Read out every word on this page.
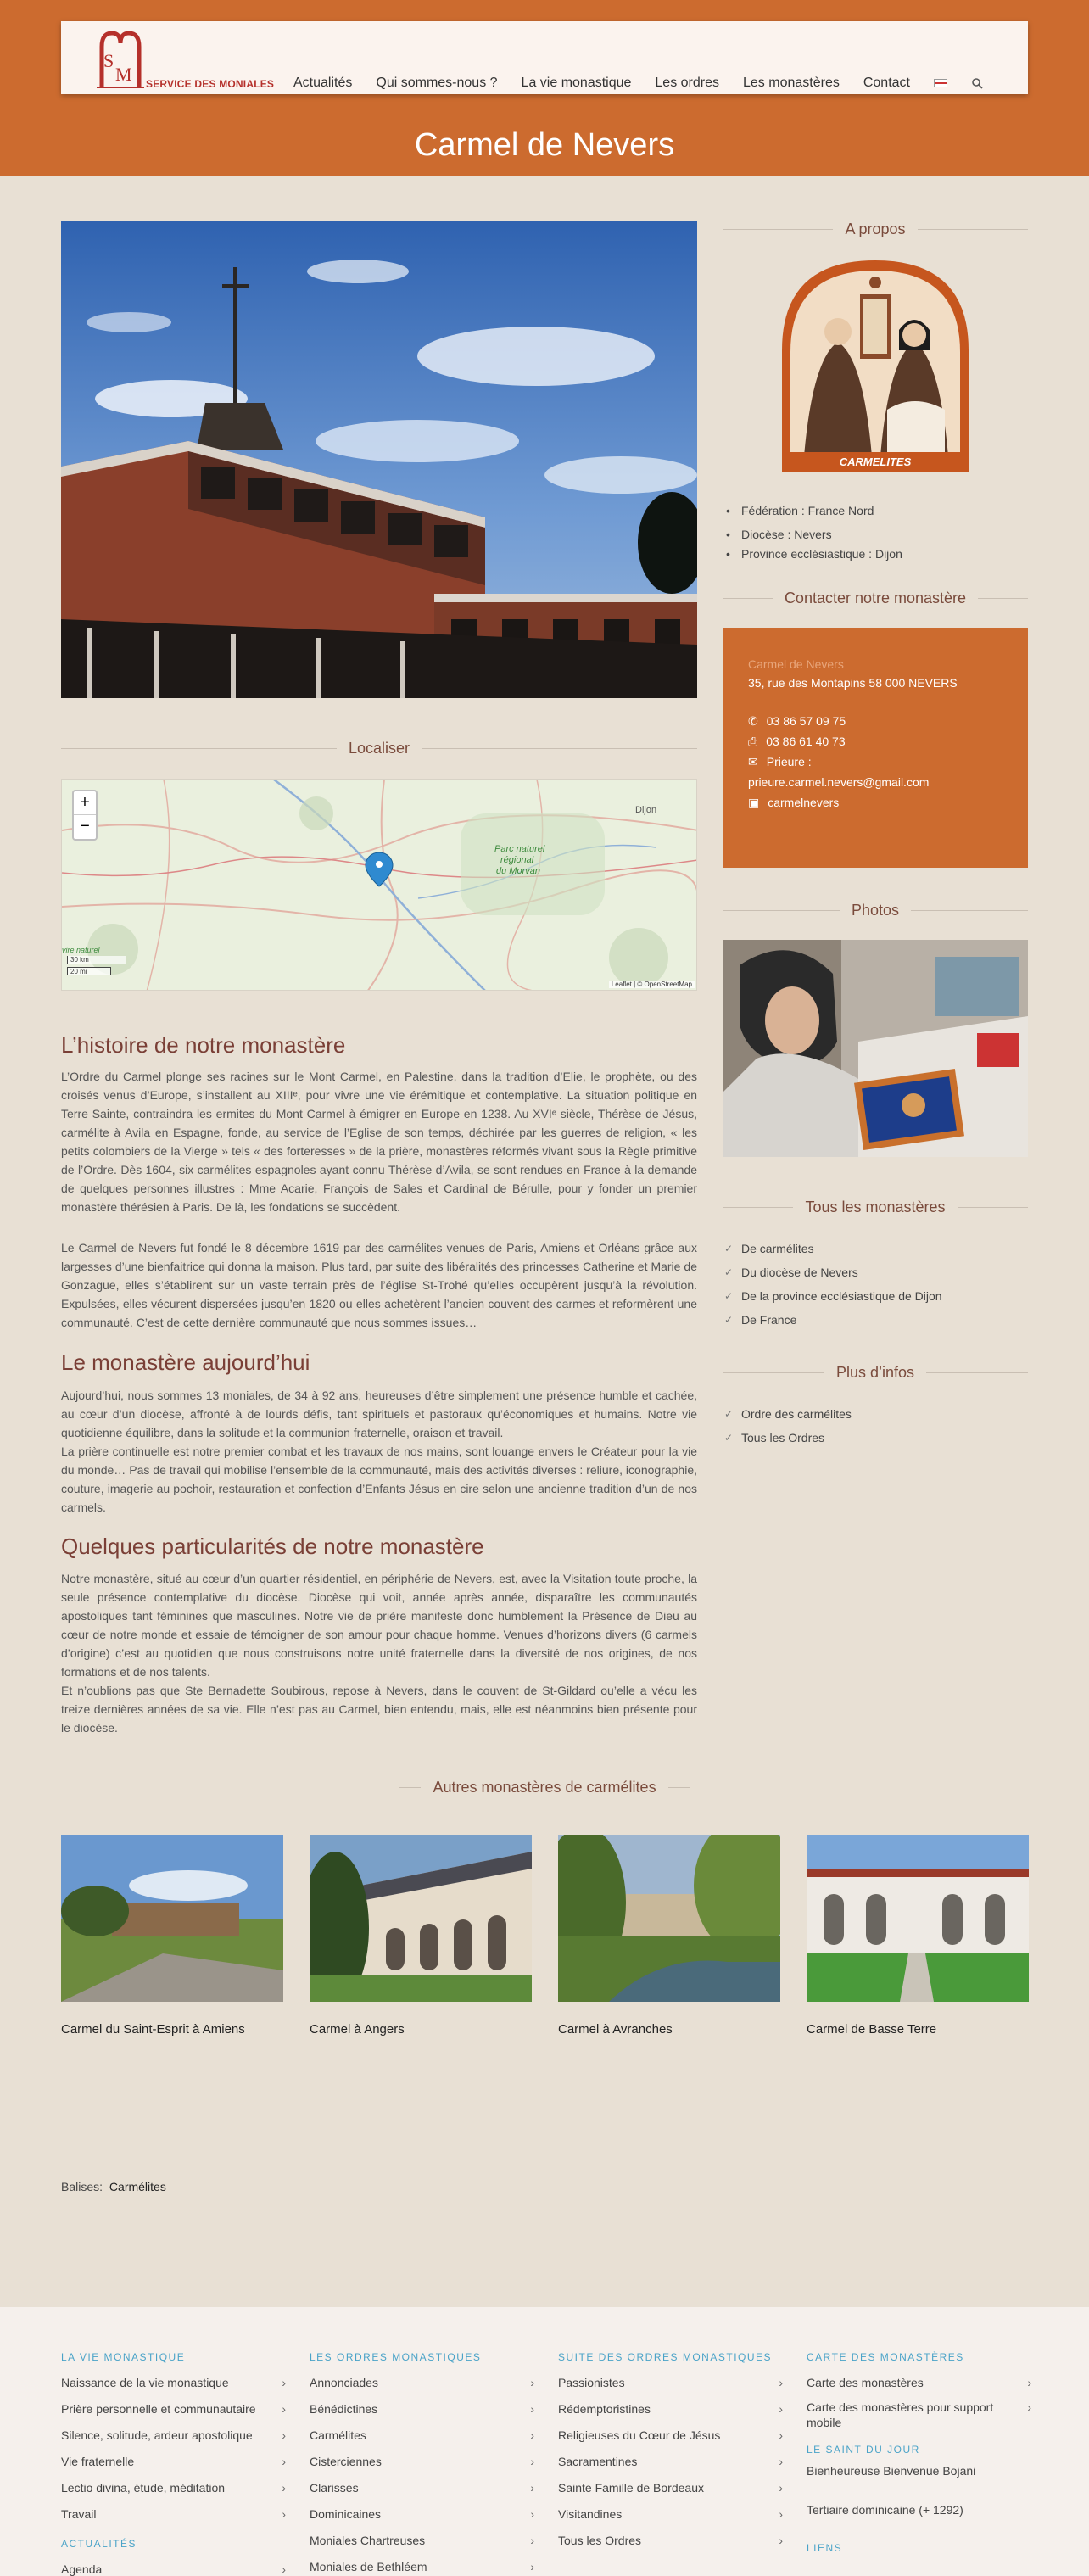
S
M SERVICE DES MONIALES Actualités Qui sommes-nous ? La vie monastique Les ordres Les monastères Contact
Carmel de Nevers
Localiser
Parc naturel
régional
du Morvan
Dijon
+
−
vire naturel
30 km
20 mi
Leaflet | © OpenStreetMap
L’histoire de notre monastère

L’Ordre du Carmel plonge ses racines sur le Mont Carmel, en Palestine, dans la tradition d’Elie, le prophète, ou des croisés venus d’Europe, s’installent au XIIIᵉ, pour vivre une vie érémitique et contemplative. La situation politique en Terre Sainte, contraindra les ermites du Mont Carmel à émigrer en Europe en 1238. Au XVIᵉ siècle, Thérèse de Jésus, carmélite à Avila en Espagne, fonde, au service de l’Eglise de son temps, déchirée par les guerres de religion, « les petits colombiers de la Vierge » tels « des forteresses » de la prière, monastères réformés vivant sous la Règle primitive de l’Ordre. Dès 1604, six carmélites espagnoles ayant connu Thérèse d’Avila, se sont rendues en France à la demande de quelques personnes illustres : Mme Acarie, François de Sales et Cardinal de Bérulle, pour y fonder un premier monastère thérésien à Paris. De là, les fondations se succèdent.

Le Carmel de Nevers fut fondé le 8 décembre 1619 par des carmélites venues de Paris, Amiens et Orléans grâce aux largesses d’une bienfaitrice qui donna la maison. Plus tard, par suite des libéralités des princesses Catherine et Marie de Gonzague, elles s’établirent sur un vaste terrain près de l’église St-Trohé qu’elles occupèrent jusqu’à la révolution. Expulsées, elles vécurent dispersées jusqu’en 1820 ou elles achetèrent l’ancien couvent des carmes et reformèrent une communauté. C’est de cette dernière communauté que nous sommes issues…

Le monastère aujourd’hui

Aujourd’hui, nous sommes 13 moniales, de 34 à 92 ans, heureuses d’être simplement une présence humble et cachée, au cœur d’un diocèse, affronté à de lourds défis, tant spirituels et pastoraux qu’économiques et humains. Notre vie quotidienne équilibre, dans la solitude et la communion fraternelle, oraison et travail.

La prière continuelle est notre premier combat et les travaux de nos mains, sont louange envers le Créateur pour la vie du monde… Pas de travail qui mobilise l’ensemble de la communauté, mais des activités diverses : reliure, iconographie, couture, imagerie au pochoir, restauration et confection d’Enfants Jésus en cire selon une ancienne tradition d’un de nos carmels.

Quelques particularités de notre monastère

Notre monastère, situé au cœur d’un quartier résidentiel, en périphérie de Nevers, est, avec la Visitation toute proche, la seule présence contemplative du diocèse. Diocèse qui voit, année après année, disparaître les communautés apostoliques tant féminines que masculines. Notre vie de prière manifeste donc humblement la Présence de Dieu au cœur de notre monde et essaie de témoigner de son amour pour chaque homme. Venues d’horizons divers (6 carmels d’origine) c’est au quotidien que nous construisons notre unité fraternelle dans la diversité de nos origines, de nos formations et de nos talents.

Et n’oublions pas que Ste Bernadette Soubirous, repose à Nevers, dans le couvent de St-Gildard ou’elle a vécu les treize dernières années de sa vie. Elle n’est pas au Carmel, bien entendu, mais, elle est néanmoins bien présente pour le diocèse.

A propos
CARMELITES
• Fédération : France Nord
• Diocèse : Nevers
• Province ecclésiastique : Dijon
Contacter notre monastère
Carmel de Nevers
35, rue des Montapins 58 000 NEVERS
✆ 03 86 57 09 75
⎙ 03 86 61 40 73
✉ Prieure :
prieure.carmel.nevers@gmail.com
▣ carmelnevers
Photos
Tous les monastères
✓ De carmélites
✓ Du diocèse de Nevers
✓ De la province ecclésiastique de Dijon
✓ De France
Plus d’infos
✓ Ordre des carmélites
✓ Tous les Ordres
Autres monastères de carmélites
Carmel du Saint-Esprit à Amiens	Carmel à Angers	Carmel à Avranches	Carmel de Basse Terre
Balises: Carmélites
LA VIE MONASTIQUE
Naissance de la vie monastique	›
Prière personnelle et communautaire ›
Silence, solitude, ardeur apostolique ›
Vie fraternelle	›
Lectio divina, étude, méditation	›
Travail	›
ACTUALITÉS
Agenda	›
LES ORDRES MONASTIQUES
Annonciades	›
Bénédictines	›
Carmélites	›
Cisterciennes	›
Clarisses	›
Dominicaines	›
Moniales Chartreuses	›
Moniales de Bethléem	›
SUITE DES ORDRES MONASTIQUES
Passionistes	›
Rédemptoristines	›
Religieuses du Cœur de Jésus	›
Sacramentines	›
Sainte Famille de Bordeaux	›
Visitandines	›
Tous les Ordres	›
CARTE DES MONASTÈRES
Carte des monastères	›
Carte des monastères pour support mobile
›
LE SAINT DU JOUR
Bienheureuse Bienvenue Bojani
Tertiaire dominicaine (+ 1292)
LIENS
